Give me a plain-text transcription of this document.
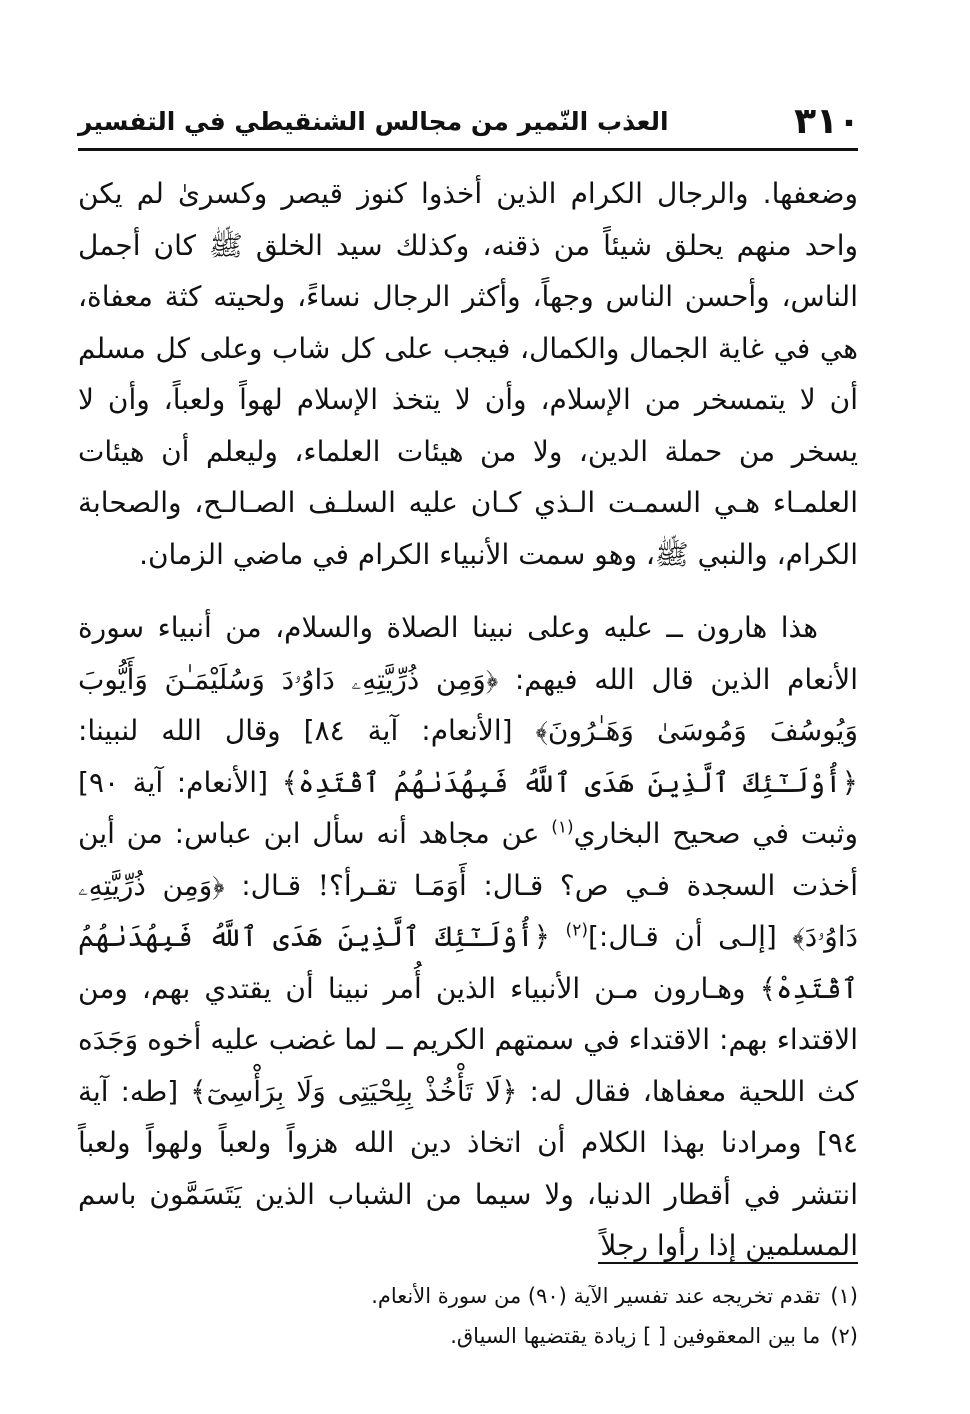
٣١٠
العذب النّمير من مجالس الشنقيطي في التفسير

وضعفها. والرجال الكرام الذين أخذوا كنوز قيصر وكسرىٰ لم يكن واحد منهم يحلق شيئاً من ذقنه، وكذلك سيد الخلق ﷺ كان أجمل الناس، وأحسن الناس وجهاً، وأكثر الرجال نساءً، ولحيته كثة معفاة، هي في غاية الجمال والكمال، فيجب على كل شاب وعلى كل مسلم أن لا يتمسخر من الإسلام، وأن لا يتخذ الإسلام لهواً ولعباً، وأن لا يسخر من حملة الدين، ولا من هيئات العلماء، وليعلم أن هيئات العلمـاء هـي السمـت الـذي كـان عليه السلـف الصـالـح، والصحابة الكرام، والنبي ﷺ، وهو سمت الأنبياء الكرام في ماضي الزمان.

هذا هارون ــ عليه وعلى نبينا الصلاة والسلام، من أنبياء سورة الأنعام الذين قال الله فيهم: ﴿وَمِن ذُرِّيَّتِهِۦ دَاوُۥدَ وَسُلَيْمَـٰنَ وَأَيُّوبَ وَيُوسُفَ وَمُوسَىٰ وَهَـٰرُونَ﴾ [الأنعام: آية ٨٤] وقال الله لنبينا: ﴿أُوْلَـٰٓئِكَ ٱلَّذِينَ هَدَى ٱللَّهُ فَبِهُدَىٰهُمُ ٱقْتَدِهْ﴾ [الأنعام: آية ٩٠] وثبت في صحيح البخاري$^{(١)}$ عن مجاهد أنه سأل ابن عباس: من أين أخذت السجدة فـي ص؟ قـال: أَوَمَـا تقـرأ؟! قـال: ﴿وَمِن ذُرِّيَّتِهِۦ دَاوُۥدَ﴾ [إلـى أن قـال:]$^{(٢)}$ ﴿أُوْلَـٰٓئِكَ ٱلَّذِينَ هَدَى ٱللَّهُ فَبِهُدَىٰهُمُ ٱقْتَدِهْ﴾ وهـارون مـن الأنبياء الذين أُمر نبينا أن يقتدي بهم، ومن الاقتداء بهم: الاقتداء في سمتهم الكريم ــ لما غضب عليه أخوه وَجَدَه كث اللحية معفاها، فقال له: ﴿لَا تَأْخُذْ بِلِحْيَتِى وَلَا بِرَأْسِىٓ﴾ [طه: آية ٩٤] ومرادنا بهذا الكلام أن اتخاذ دين الله هزواً ولعباً ولهواً ولعباً انتشر في أقطار الدنيا، ولا سيما من الشباب الذين يَتَسَمَّون باسم المسلمين إذا رأوا رجلاً

(١)تقدم تخريجه عند تفسير الآية (٩٠) من سورة الأنعام.

(٢)ما بين المعقوفين [ ] زيادة يقتضيها السياق.
